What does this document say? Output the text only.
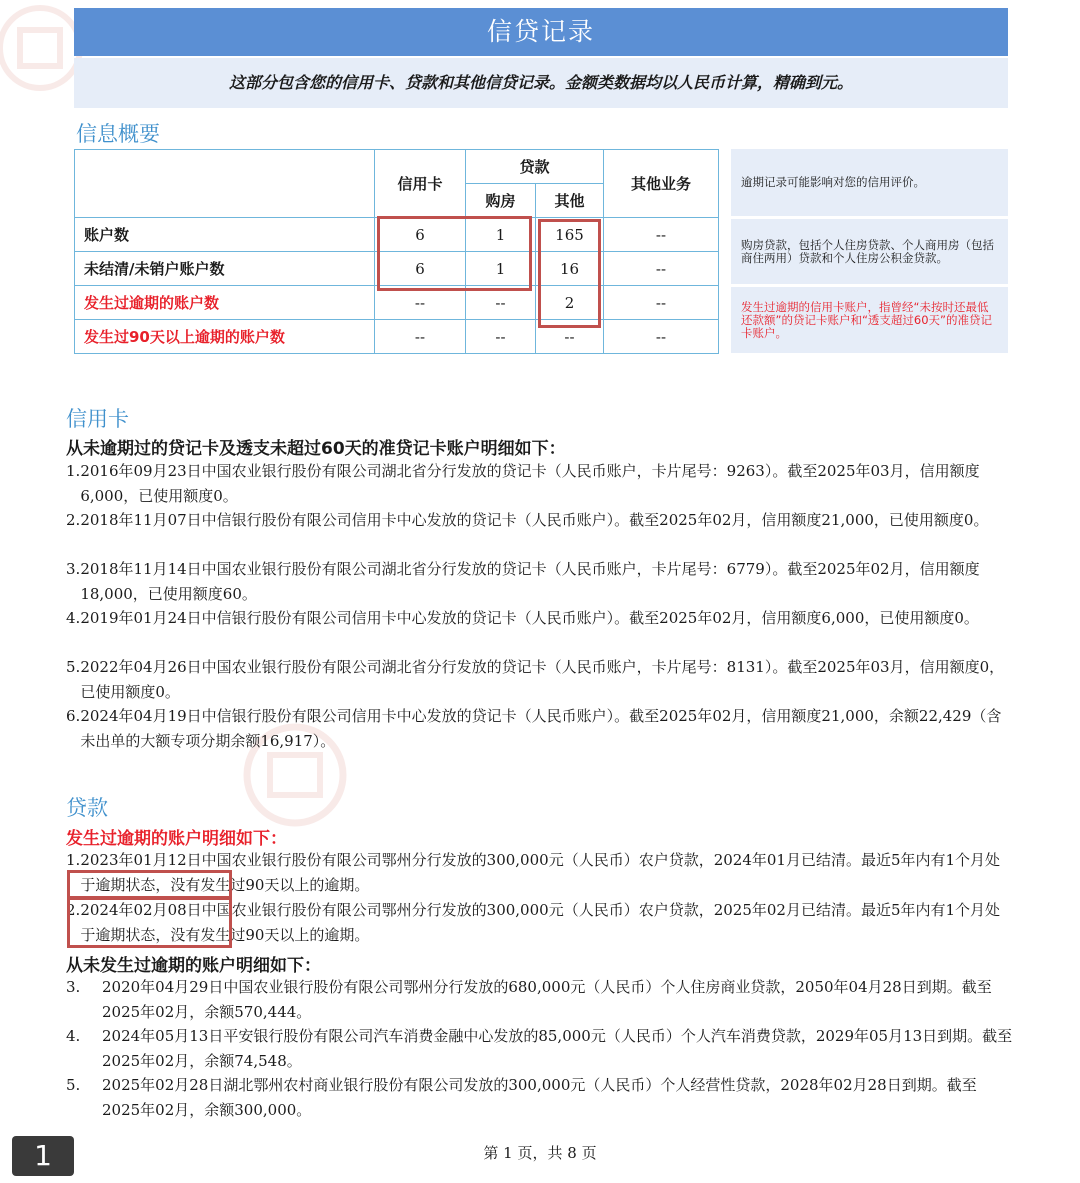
信贷记录
这部分包含您的信用卡、贷款和其他信贷记录。金额类数据均以人民币计算，精确到元。
信息概要
	信用卡	贷款		其他业务
		购房	其他	
账户数	6	1	165	--
未结清/未销户账户数	6	1	16	--
发生过逾期的账户数	--	--	2	--
发生过90天以上逾期的账户数	--	--	--	--
逾期记录可能影响对您的信用评价。
购房贷款，包括个人住房贷款、个人商用房（包括商住两用）贷款和个人住房公积金贷款。
发生过逾期的信用卡账户，指曾经“未按时还最低还款额”的贷记卡账户和“透支超过60天”的准贷记卡账户。
信用卡
从未逾期过的贷记卡及透支未超过60天的准贷记卡账户明细如下：
1. 2016年09月23日中国农业银行股份有限公司湖北省分行发放的贷记卡（人民币账户，卡片尾号：9263）。截至2025年03月，信用额度6,000，已使用额度0。
2. 2018年11月07日中信银行股份有限公司信用卡中心发放的贷记卡（人民币账户）。截至2025年02月，信用额度21,000，已使用额度0。
3. 2018年11月14日中国农业银行股份有限公司湖北省分行发放的贷记卡（人民币账户，卡片尾号：6779）。截至2025年02月，信用额度18,000，已使用额度60。
4. 2019年01月24日中信银行股份有限公司信用卡中心发放的贷记卡（人民币账户）。截至2025年02月，信用额度6,000，已使用额度0。
5. 2022年04月26日中国农业银行股份有限公司湖北省分行发放的贷记卡（人民币账户，卡片尾号：8131）。截至2025年03月，信用额度0，已使用额度0。
6. 2024年04月19日中信银行股份有限公司信用卡中心发放的贷记卡（人民币账户）。截至2025年02月，信用额度21,000，余额22,429（含未出单的大额专项分期余额16,917）。
贷款
发生过逾期的账户明细如下：
1. 2023年01月12日中国农业银行股份有限公司鄂州分行发放的300,000元（人民币）农户贷款，2024年01月已结清。最近5年内有1个月处于逾期状态，没有发生过90天以上的逾期。
2. 2024年02月08日中国农业银行股份有限公司鄂州分行发放的300,000元（人民币）农户贷款，2025年02月已结清。最近5年内有1个月处于逾期状态，没有发生过90天以上的逾期。
从未发生过逾期的账户明细如下：
3.	2020年04月29日中国农业银行股份有限公司鄂州分行发放的680,000元（人民币）个人住房商业贷款，2050年04月28日到期。截至2025年02月，余额570,444。
4.	2024年05月13日平安银行股份有限公司汽车消费金融中心发放的85,000元（人民币）个人汽车消费贷款，2029年05月13日到期。截至2025年02月，余额74,548。
5.	2025年02月28日湖北鄂州农村商业银行股份有限公司发放的300,000元（人民币）个人经营性贷款，2028年02月28日到期。截至2025年02月，余额300,000。
第 1 页，共 8 页
1
